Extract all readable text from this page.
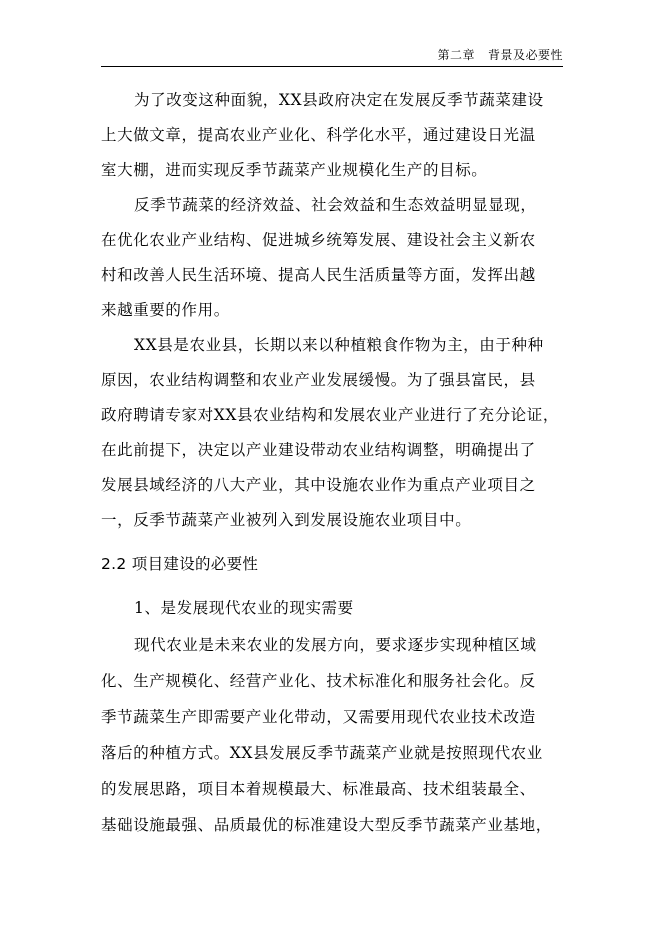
第二章 背景及必要性
为了改变这种面貌，XX县政府决定在发展反季节蔬菜建设
上大做文章，提高农业产业化、科学化水平，通过建设日光温
室大棚，进而实现反季节蔬菜产业规模化生产的目标。
反季节蔬菜的经济效益、社会效益和生态效益明显显现，
在优化农业产业结构、促进城乡统筹发展、建设社会主义新农
村和改善人民生活环境、提高人民生活质量等方面，发挥出越
来越重要的作用。
XX县是农业县，长期以来以种植粮食作物为主，由于种种
原因，农业结构调整和农业产业发展缓慢。为了强县富民，县
政府聘请专家对XX县农业结构和发展农业产业进行了充分论证，
在此前提下，决定以产业建设带动农业结构调整，明确提出了
发展县域经济的八大产业，其中设施农业作为重点产业项目之
一，反季节蔬菜产业被列入到发展设施农业项目中。
2.2 项目建设的必要性
1、是发展现代农业的现实需要
现代农业是未来农业的发展方向，要求逐步实现种植区域
化、生产规模化、经营产业化、技术标准化和服务社会化。反
季节蔬菜生产即需要产业化带动，又需要用现代农业技术改造
落后的种植方式。XX县发展反季节蔬菜产业就是按照现代农业
的发展思路，项目本着规模最大、标准最高、技术组装最全、
基础设施最强、品质最优的标准建设大型反季节蔬菜产业基地，
